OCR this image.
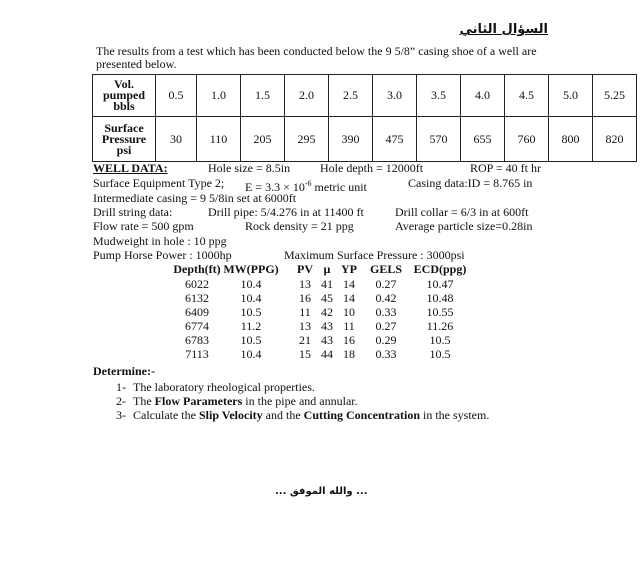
السؤال الثاني
The results from a test which has been conducted below the 9 5/8” casing shoe of a well are presented below.
Vol. pumped bbls	0.5	1.0	1.5	2.0	2.5	3.0	3.5	4.0	4.5	5.0	5.25
Surface Pressure psi	30	110	205	295	390	475	570	655	760	800	820
WELL DATA:	Hole size = 8.5in Hole depth = 12000ft	ROP = 40 ft hr
Surface Equipment Type 2; $E = 3.3 \times 10^{-6}$ metric unit	Casing data:ID = 8.765 in
Intermediate casing = 9 5/8in set at 6000ft
Drill string data:	Drill pipe: 5/4.276 in at 11400 ft	Drill collar = 6/3 in at 600ft
Flow rate = 500 gpm	Rock density = 21 ppg	Average particle size=0.28in
Mudweight in hole : 10 ppg
Pump Horse Power : 1000hp	Maximum Surface Pressure : 3000psi
Depth(ft) MW(PPG)	PV µ YP	GELS ECD(ppg)
6022	10.4	13 41 14	0.27	10.47
6132	10.4	16 45 14	0.42	10.48
6409	10.5	11 42 10	0.33	10.55
6774	11.2	13 43 11	0.27	11.26
6783	10.5	21 43 16	0.29	10.5
7113	10.4	15 44 18	0.33	10.5
Determine:-
1- The laboratory rheological properties.
2- The Flow Parameters in the pipe and annular.
3- Calculate the Slip Velocity and the Cutting Concentration in the system.
... والله الموفق ...
